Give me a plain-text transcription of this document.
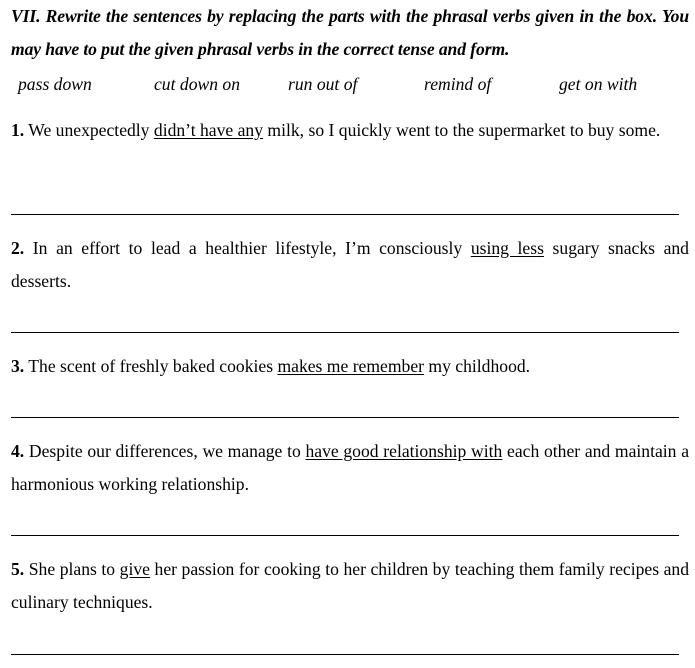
VII. Rewrite the sentences by replacing the parts with the phrasal verbs given in the box. You may have to put the given phrasal verbs in the correct tense and form.

pass down	cut down on	run out of	remind of	get on with

1. We unexpectedly didn’t have any milk, so I quickly went to the supermarket to buy some.

2. In an effort to lead a healthier lifestyle, I’m consciously using less sugary snacks and desserts.

3. The scent of freshly baked cookies makes me remember my childhood.

4. Despite our differences, we manage to have good relationship with each other and maintain a harmonious working relationship.

5. She plans to give her passion for cooking to her children by teaching them family recipes and culinary techniques.
